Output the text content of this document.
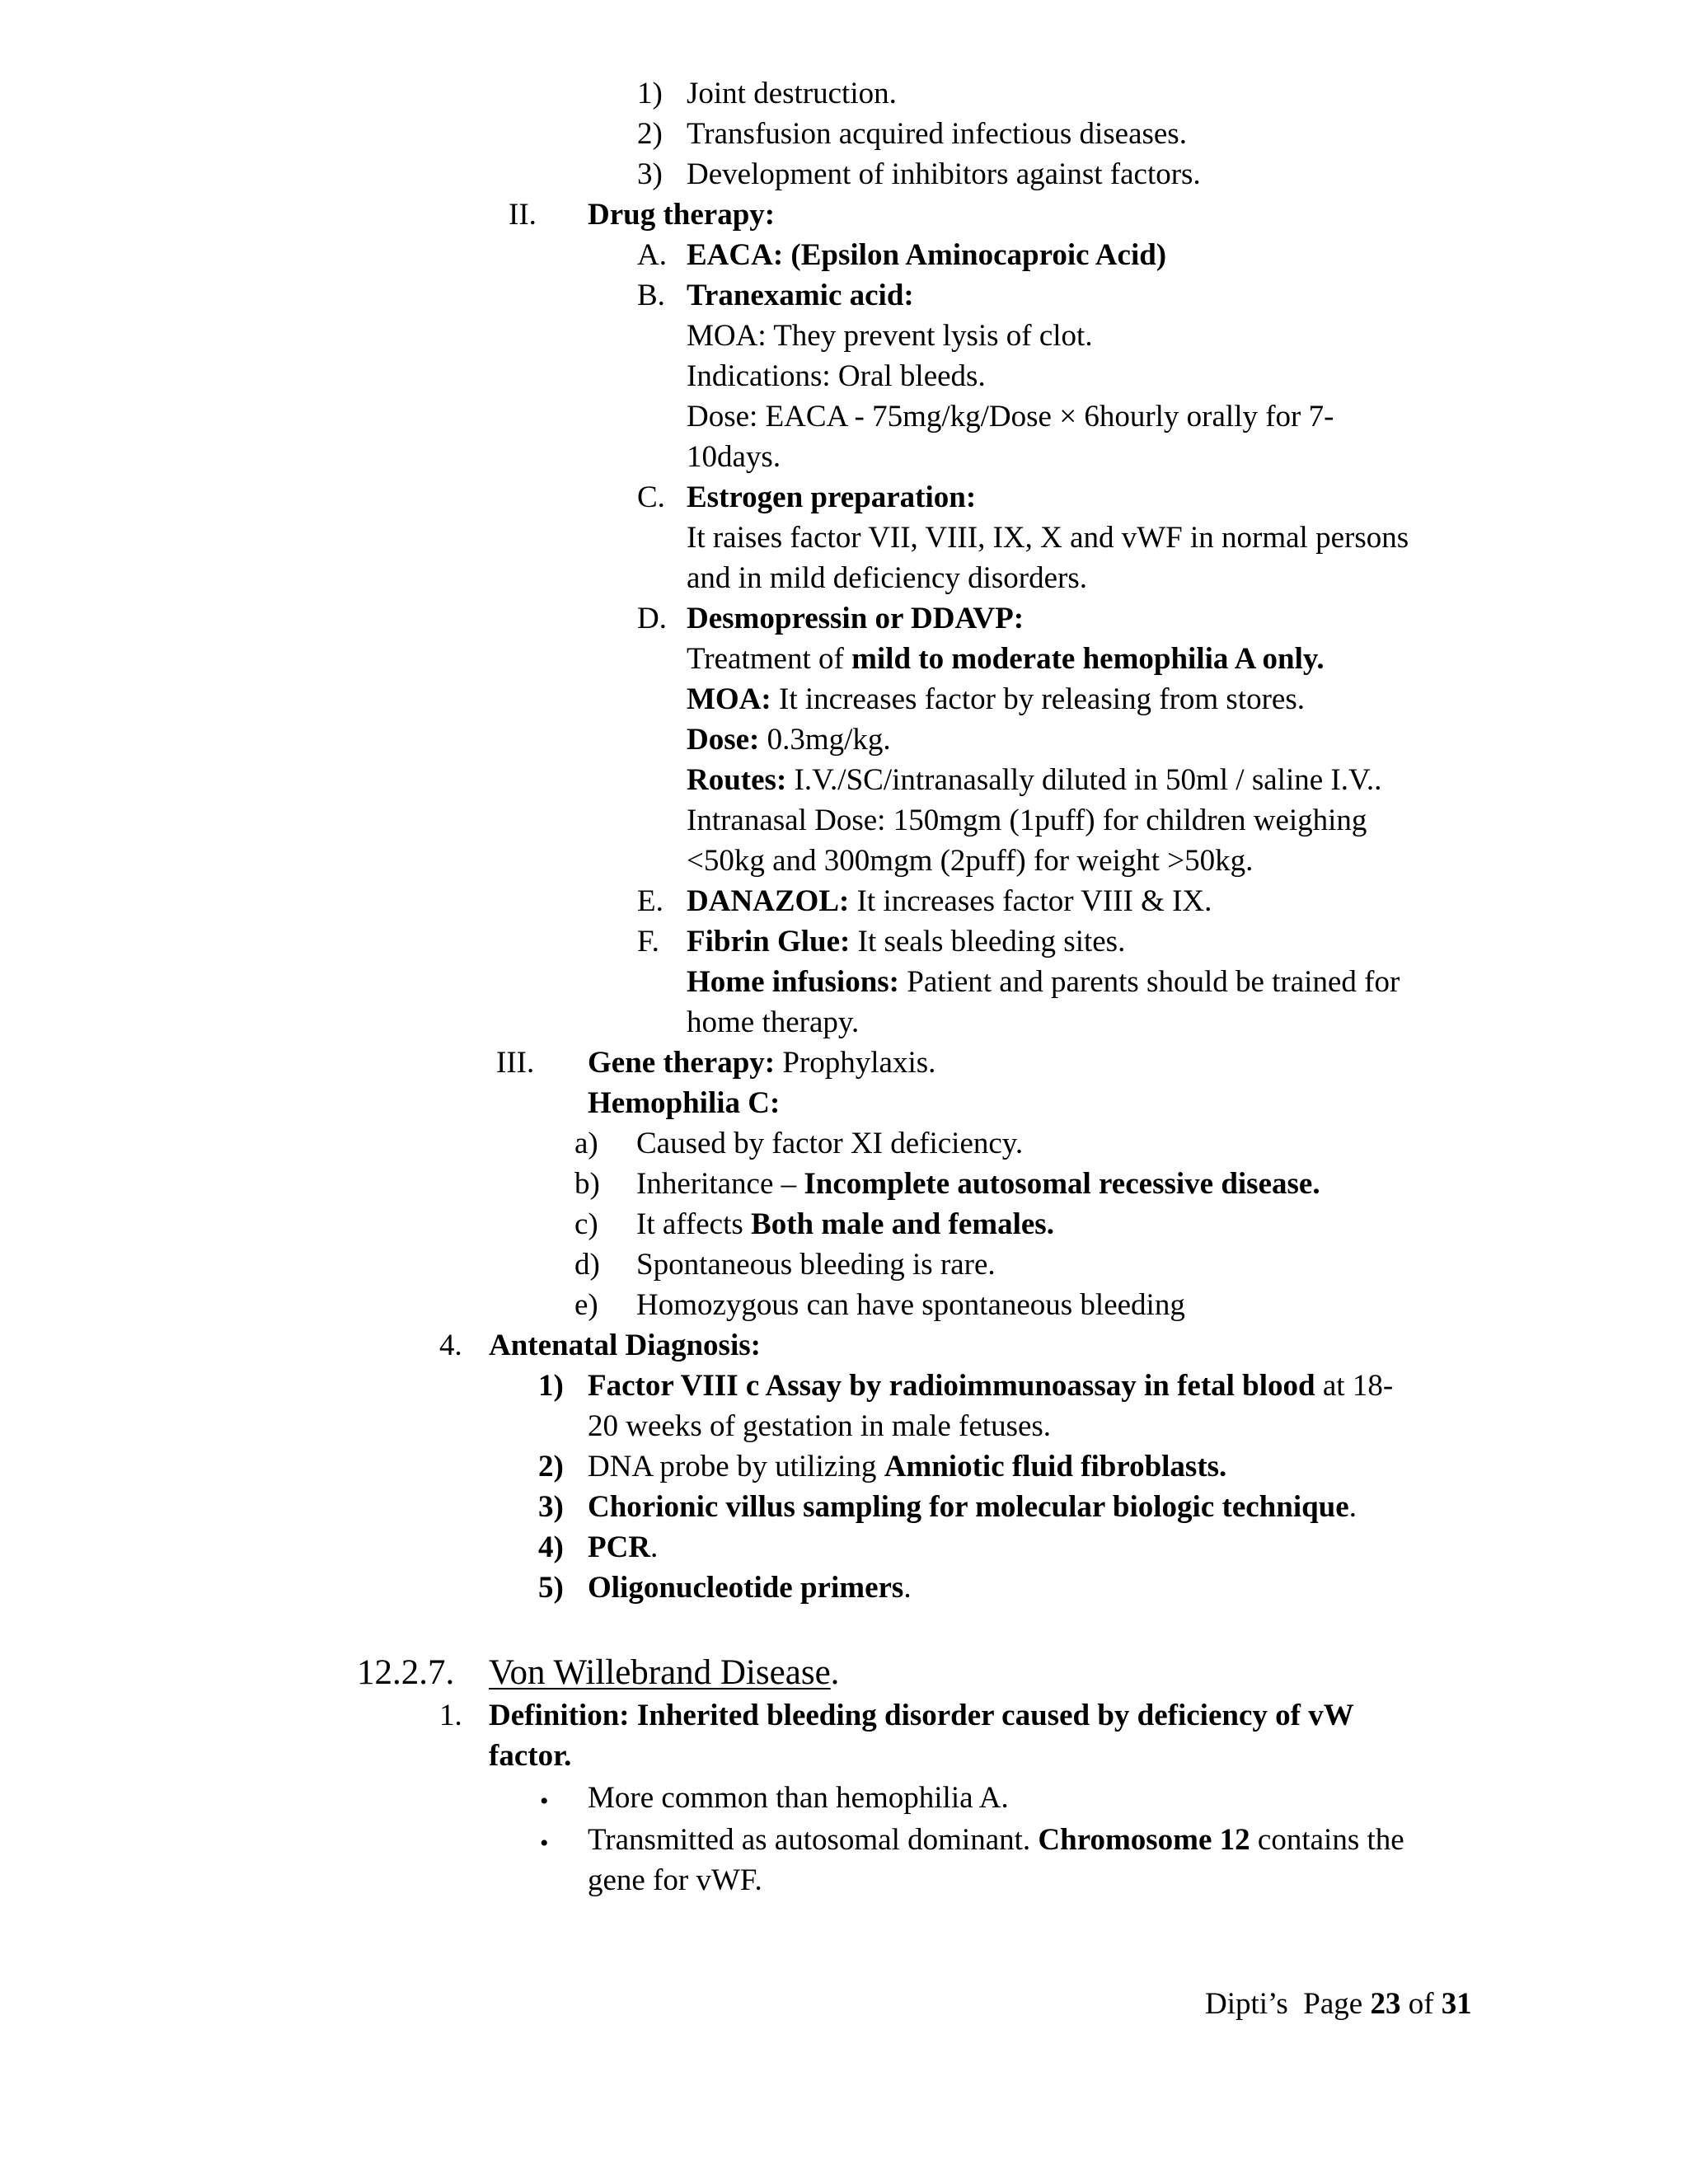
1) Joint destruction.
2) Transfusion acquired infectious diseases.
3) Development of inhibitors against factors.
II. Drug therapy:
A. EACA: (Epsilon Aminocaproic Acid)
B. Tranexamic acid:
MOA: They prevent lysis of clot.
Indications: Oral bleeds.
Dose: EACA - 75mg/kg/Dose × 6hourly orally for 7-
10days.
C. Estrogen preparation:
It raises factor VII, VIII, IX, X and vWF in normal persons
and in mild deficiency disorders.
D. Desmopressin or DDAVP:
Treatment of mild to moderate hemophilia A only.
MOA: It increases factor by releasing from stores.
Dose: 0.3mg/kg.
Routes: I.V./SC/intranasally diluted in 50ml / saline I.V..
Intranasal Dose: 150mgm (1puff) for children weighing
<50kg and 300mgm (2puff) for weight >50kg.
E. DANAZOL: It increases factor VIII & IX.
F. Fibrin Glue: It seals bleeding sites.
Home infusions: Patient and parents should be trained for
home therapy.
III. Gene therapy: Prophylaxis.
Hemophilia C:
a) Caused by factor XI deficiency.
b) Inheritance – Incomplete autosomal recessive disease.
c) It affects Both male and females.
d) Spontaneous bleeding is rare.
e) Homozygous can have spontaneous bleeding
4. Antenatal Diagnosis:
1) Factor VIII c Assay by radioimmunoassay in fetal blood at 18-
20 weeks of gestation in male fetuses.
2) DNA probe by utilizing Amniotic fluid fibroblasts.
3) Chorionic villus sampling for molecular biologic technique.
4) PCR.
5) Oligonucleotide primers.
12.2.7. Von Willebrand Disease.
1. Definition: Inherited bleeding disorder caused by deficiency of vW
factor.
• More common than hemophilia A.
• Transmitted as autosomal dominant. Chromosome 12 contains the
gene for vWF.
Dipti’s Page 23 of 31
